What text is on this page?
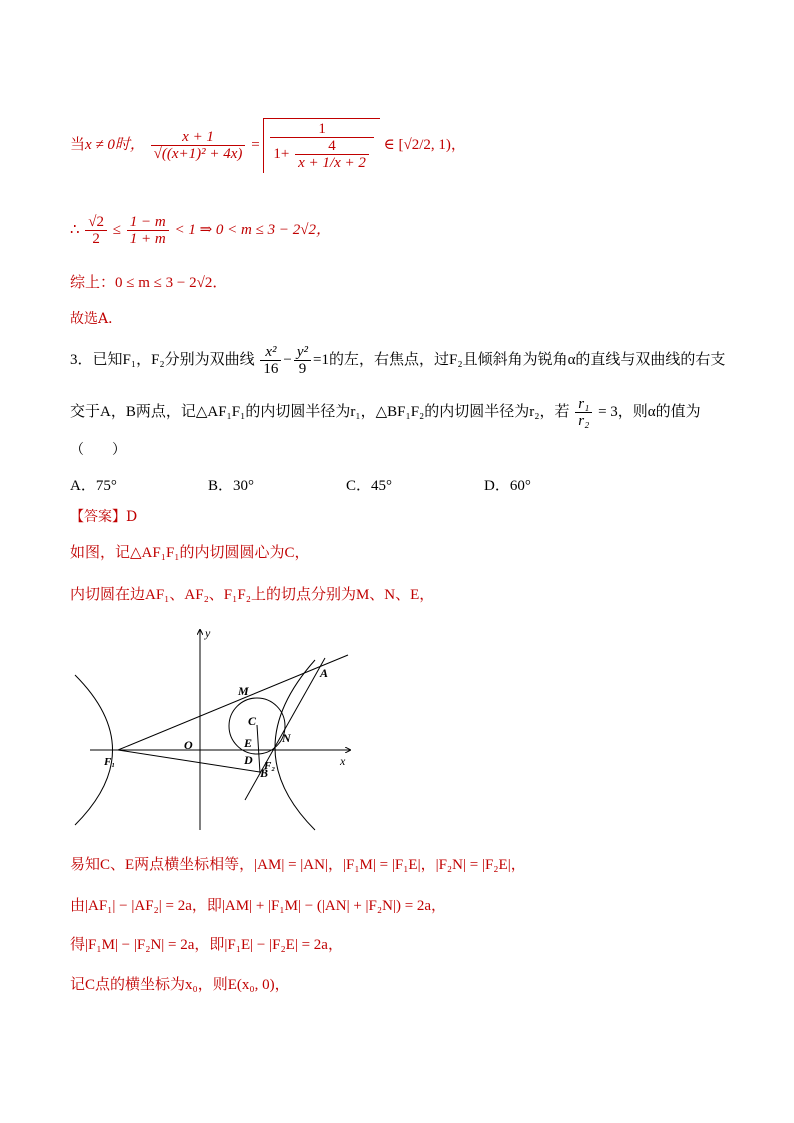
当x ≠ 0时， $\frac{x + 1}{\text{√((x+1)² + 4x)}} = \frac{1}{1+ \frac{4}{x + 1/x + 2}}$ ∈ [√2/2, 1)，
∴ $\frac{√2}{2} \le \frac{1 - m}{1 + m} < 1$ ⇒ 0 < m ≤ 3 − 2√2，
综上：0 ≤ m ≤ 3 − 2√2．
故选A．
3．已知F₁，F₂分别为双曲线 $\frac{\text{x²}}{16} - \frac{\text{y²}}{9} =1$的左，右焦点，过F₂且倾斜角为锐角α的直线与双曲线的右支
交于A，B两点，记△AF₁F₁的内切圆半径为r₁，△BF₁F₂的内切圆半径为r₂，若 $\frac{\text{r₁}}{\text{r₂}} = 3$，则α的值为
（　　）
A．75°	B．30°	C．45°	D．60°
【答案】D
如图，记△AF₁F₁的内切圆圆心为C，
内切圆在边AF₁、AF₂、F₁F₂上的切点分别为M、N、E，
y
x
O
M
A
C
E N
D F₂
B
F₁
易知C、E两点横坐标相等，|AM| = |AN|，|F₁M| = |F₁E|，|F₂N| = |F₂E|，
由|AF₁| − |AF₂| = 2a，即|AM| + |F₁M| − (|AN| + |F₂N|) = 2a，
得|F₁M| − |F₂N| = 2a，即|F₁E| − |F₂E| = 2a，
记C点的横坐标为x₀，则E(x₀, 0)，
